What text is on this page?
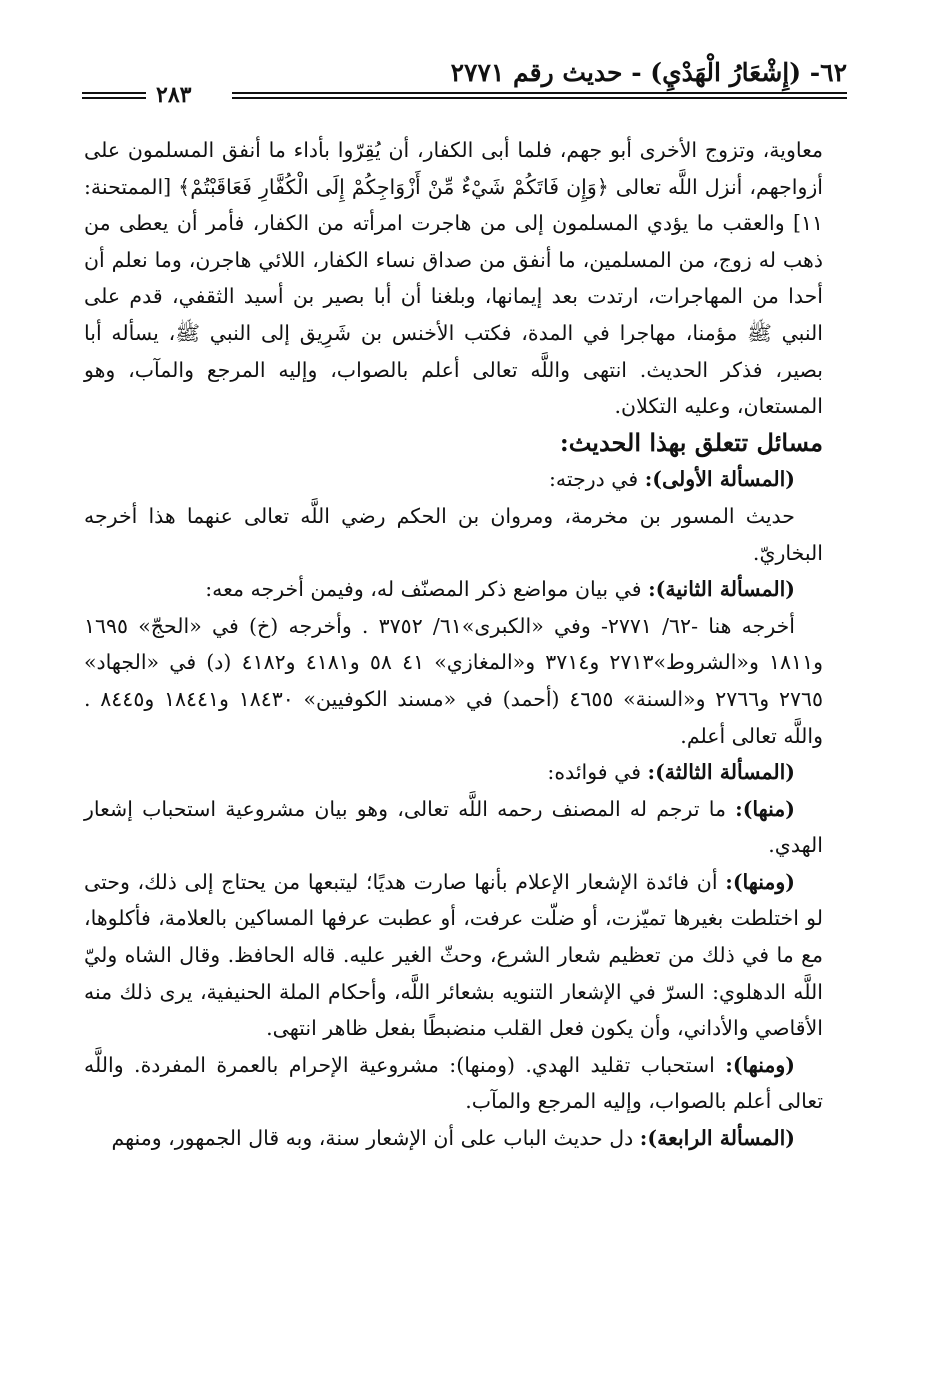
٦٢- (إِشْعَارُ الْهَدْيِ) - حديث رقم ٢٧٧١
٢٨٣

معاوية، وتزوج الأخرى أبو جهم، فلما أبى الكفار، أن يُقِرّوا بأداء ما أنفق المسلمون على أزواجهم، أنزل اللَّه تعالى ﴿وَإِن فَاتَكُمْ شَيْءٌ مِّنْ أَزْوَاجِكُمْ إِلَى الْكُفَّارِ فَعَاقَبْتُمْ﴾ [الممتحنة: ١١] والعقب ما يؤدي المسلمون إلى من هاجرت امرأته من الكفار، فأمر أن يعطى من ذهب له زوج، من المسلمين، ما أنفق من صداق نساء الكفار، اللائي هاجرن، وما نعلم أن أحدا من المهاجرات، ارتدت بعد إيمانها، وبلغنا أن أبا بصير بن أسيد الثقفي، قدم على النبي ﷺ مؤمنا، مهاجرا في المدة، فكتب الأخنس بن شَرِيق إلى النبي ﷺ، يسأله أبا بصير، فذكر الحديث. انتهى واللَّه تعالى أعلم بالصواب، وإليه المرجع والمآب، وهو المستعان، وعليه التكلان.

مسائل تتعلق بهذا الحديث:

(المسألة الأولى): في درجته:

حديث المسور بن مخرمة، ومروان بن الحكم رضي اللَّه تعالى عنهما هذا أخرجه البخاريّ.

(المسألة الثانية): في بيان مواضع ذكر المصنّف له، وفيمن أخرجه معه:

أخرجه هنا -٦٢/ ٢٧٧١- وفي «الكبرى»٦١/ ٣٧٥٢ . وأخرجه (خ) في «الحجّ» ١٦٩٥ و١٨١١ و«الشروط»٢٧١٣ و٣٧١٤ و«المغازي» ٤١ ٥٨ و٤١٨١ و٤١٨٢ (د) في «الجهاد» ٢٧٦٥ و٢٧٦٦ و«السنة» ٤٦٥٥ (أحمد) في «مسند الكوفيين» ١٨٤٣٠ و١٨٤٤١ و٨٤٤٥ . واللَّه تعالى أعلم.

(المسألة الثالثة): في فوائده:

(منها): ما ترجم له المصنف رحمه اللَّه تعالى، وهو بيان مشروعية استحباب إشعار الهدي.

(ومنها): أن فائدة الإشعار الإعلام بأنها صارت هديًا؛ ليتبعها من يحتاج إلى ذلك، وحتى لو اختلطت بغيرها تميّزت، أو ضلّت عرفت، أو عطبت عرفها المساكين بالعلامة، فأكلوها، مع ما في ذلك من تعظيم شعار الشرع، وحثّ الغير عليه. قاله الحافظ. وقال الشاه وليّ اللَّه الدهلوي: السرّ في الإشعار التنويه بشعائر اللَّه، وأحكام الملة الحنيفية، يرى ذلك منه الأقاصي والأداني، وأن يكون فعل القلب منضبطًا بفعل ظاهر انتهى.

(ومنها): استحباب تقليد الهدي. (ومنها): مشروعية الإحرام بالعمرة المفردة. واللَّه تعالى أعلم بالصواب، وإليه المرجع والمآب.

(المسألة الرابعة): دل حديث الباب على أن الإشعار سنة، وبه قال الجمهور، ومنهم
